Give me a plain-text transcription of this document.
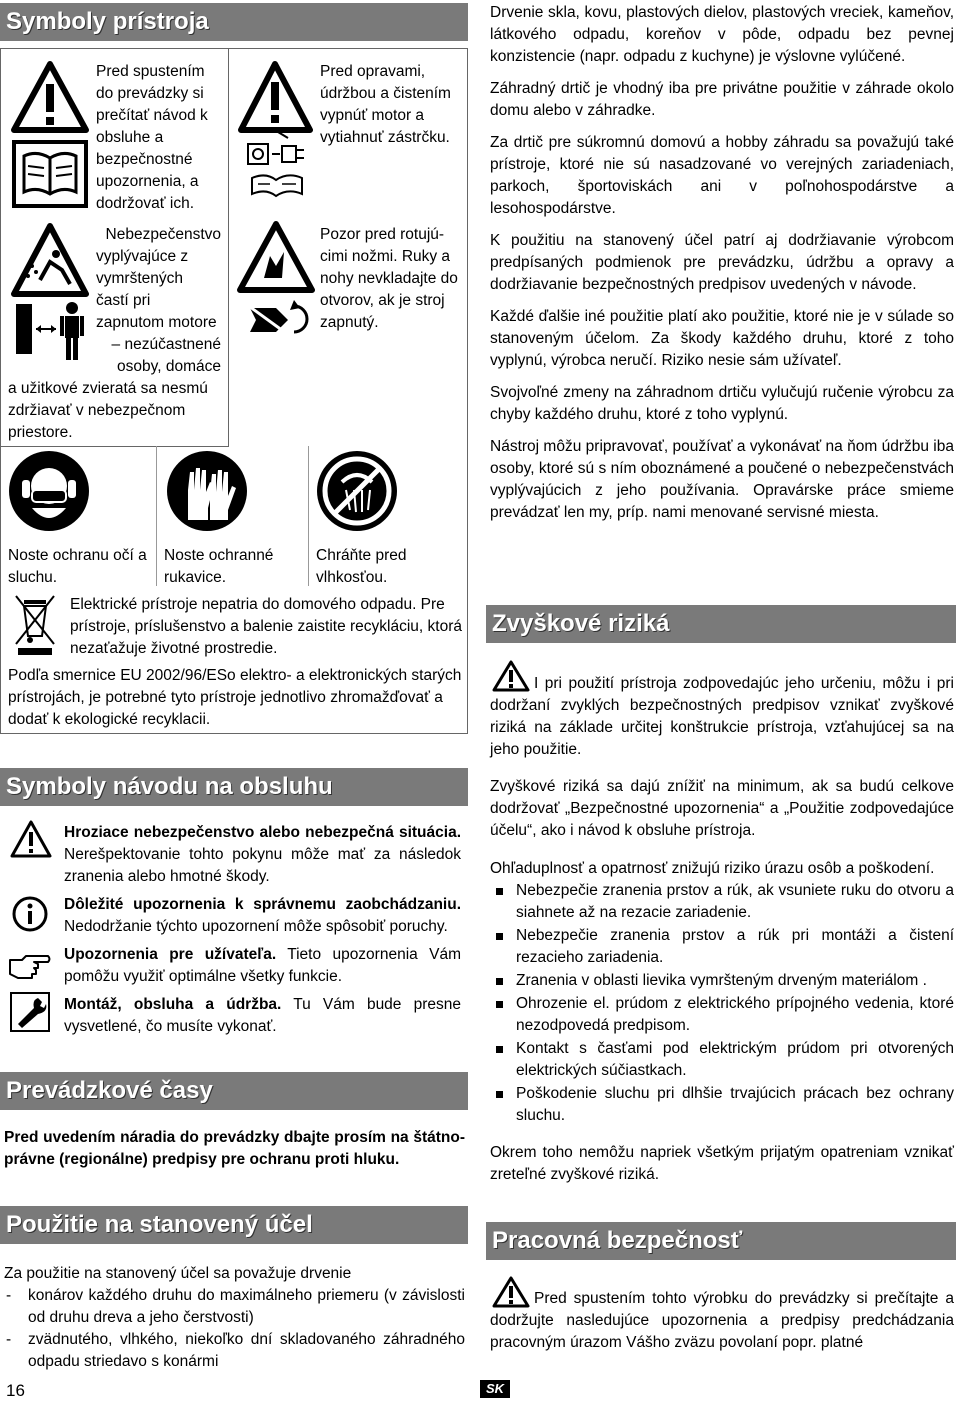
Symboly prístroja
Pred spustením do prevádzky si prečítať návod k obsluhe a bezpečnostné upozornenia, a dodržovať ich.
Nebezpečenstvo
vyplývajúce z
vymrštených
častí pri
zapnutom motore
– nezúčastnené
osoby, domáce
a užitkové zvieratá sa nesmú zdržiavať v nebezpečnom priestore.
Pred opravami, údržbou a čistením vypnúť motor a vytiahnuť zástrčku.
Pozor pred rotujú-cimi nožmi. Ruky a nohy nevkladajte do otvorov, ak je stroj zapnutý.
Noste ochranu očí a sluchu.
Noste ochranné rukavice.
Chráňte pred vlhkosťou.
Elektrické prístroje nepatria do domového odpadu. Pre prístroje, príslušenstvo a balenie zaistite recykláciu, ktorá nezaťažuje životné prostredie.
Podľa smernice EU 2002/96/ESo elektro- a elektronických starých prístrojách, je potrebné tyto prístroje jednotlivo zhromažďovať a dodať k ekologické recyklacii.
Symboly návodu na obsluhu
Hroziace nebezpečenstvo alebo nebezpečná situácia. Nerešpektovanie tohto pokynu môže mať za následok zranenia alebo hmotné škody.
Dôležité upozornenia k správnemu zaobchádzaniu. Nedodržanie týchto upozornení môže spôsobiť poruchy.
Upozornenia pre užívateľa. Tieto upozornenia Vám pomôžu využiť optimálne všetky funkcie.
Montáž, obsluha a údržba. Tu Vám bude presne vysvetlené, čo musíte vykonať.
Prevádzkové časy
Pred uvedením náradia do prevádzky dbajte prosím na štátno-právne (regionálne) predpisy pre ochranu proti hluku.
Použitie na stanovený účel
Za použitie na stanovený účel sa považuje drvenie
- konárov každého druhu do maximálneho priemeru (v závislosti od druhu dreva a jeho čerstvosti)
- zvädnutého, vlhkého, niekoľko dní skladovaného záhradného odpadu striedavo s konármi
16
Drvenie skla, kovu, plastových dielov, plastových vreciek, kameňov, látkového odpadu, koreňov v pôde, odpadu bez pevnej konzistencie (napr. odpadu z kuchyne) je výslovne vylúčené.
Záhradný drtič je vhodný iba pre privátne použitie v záhrade okolo domu alebo v záhradke.
Za drtič pre súkromnú domovú a hobby záhradu sa považujú také prístroje, ktoré nie sú nasadzované vo verejných zariadeniach, parkoch, športoviskách ani v poľnohospodárstve a lesohospodárstve.
K použitiu na stanovený účel patrí aj dodržiavanie výrobcom predpísaných podmienok pre prevádzku, údržbu a opravy a dodržiavanie bezpečnostných predpisov uvedených v návode.
Každé ďalšie iné použitie platí ako použitie, ktoré nie je v súlade so stanoveným účelom. Za škody každého druhu, ktoré z toho vyplynú, výrobca neručí. Riziko nesie sám užívateľ.
Svojvoľné zmeny na záhradnom drtiču vylučujú ručenie výrobcu za chyby každého druhu, ktoré z toho vyplynú.
Nástroj môžu pripravovať, používať a vykonávať na ňom údržbu iba osoby, ktoré sú s ním oboznámené a poučené o nebezpečenstvách vyplývajúcich z jeho používania. Opravárske práce smieme prevádzať len my, príp. nami menované servisné miesta.
Zvyškové riziká
I pri použití prístroja zodpovedajúc jeho určeniu, môžu i pri dodržaní zvyklých bezpečnostných predpisov vznikať zvyškové riziká na základe určitej konštrukcie prístroja, vzťahujúcej sa na jeho použitie.
Zvyškové riziká sa dajú znížiť na minimum, ak sa budú celkove dodržovať „Bezpečnostné upozornenia“ a „Použitie zodpovedajúce účelu“, ako i návod k obsluhe prístroja.
Ohľaduplnosť a opatrnosť znižujú riziko úrazu osôb a poškodení.
Nebezpečie zranenia prstov a rúk, ak vsuniete ruku do otvoru a siahnete až na rezacie zariadenie.
Nebezpečie zranenia prstov a rúk pri montáži a čistení rezacieho zariadenia.
Zranenia v oblasti lievika vymršteným drveným materiálom .
Ohrozenie el. prúdom z elektrického prípojného vedenia, ktoré nezodpovedá predpisom.
Kontakt s časťami pod elektrickým prúdom pri otvorených elektrických súčiastkach.
Poškodenie sluchu pri dlhšie trvajúcich prácach bez ochrany sluchu.
Okrem toho nemôžu napriek všetkým prijatým opatreniam vznikať zreteľné zvyškové riziká.
Pracovná bezpečnosť
Pred spustením tohto výrobku do prevádzky si prečítajte a dodržujte nasledujúce upozornenia a predpisy predchádzania pracovným úrazom Vášho zväzu povolaní popr. platné
SK
